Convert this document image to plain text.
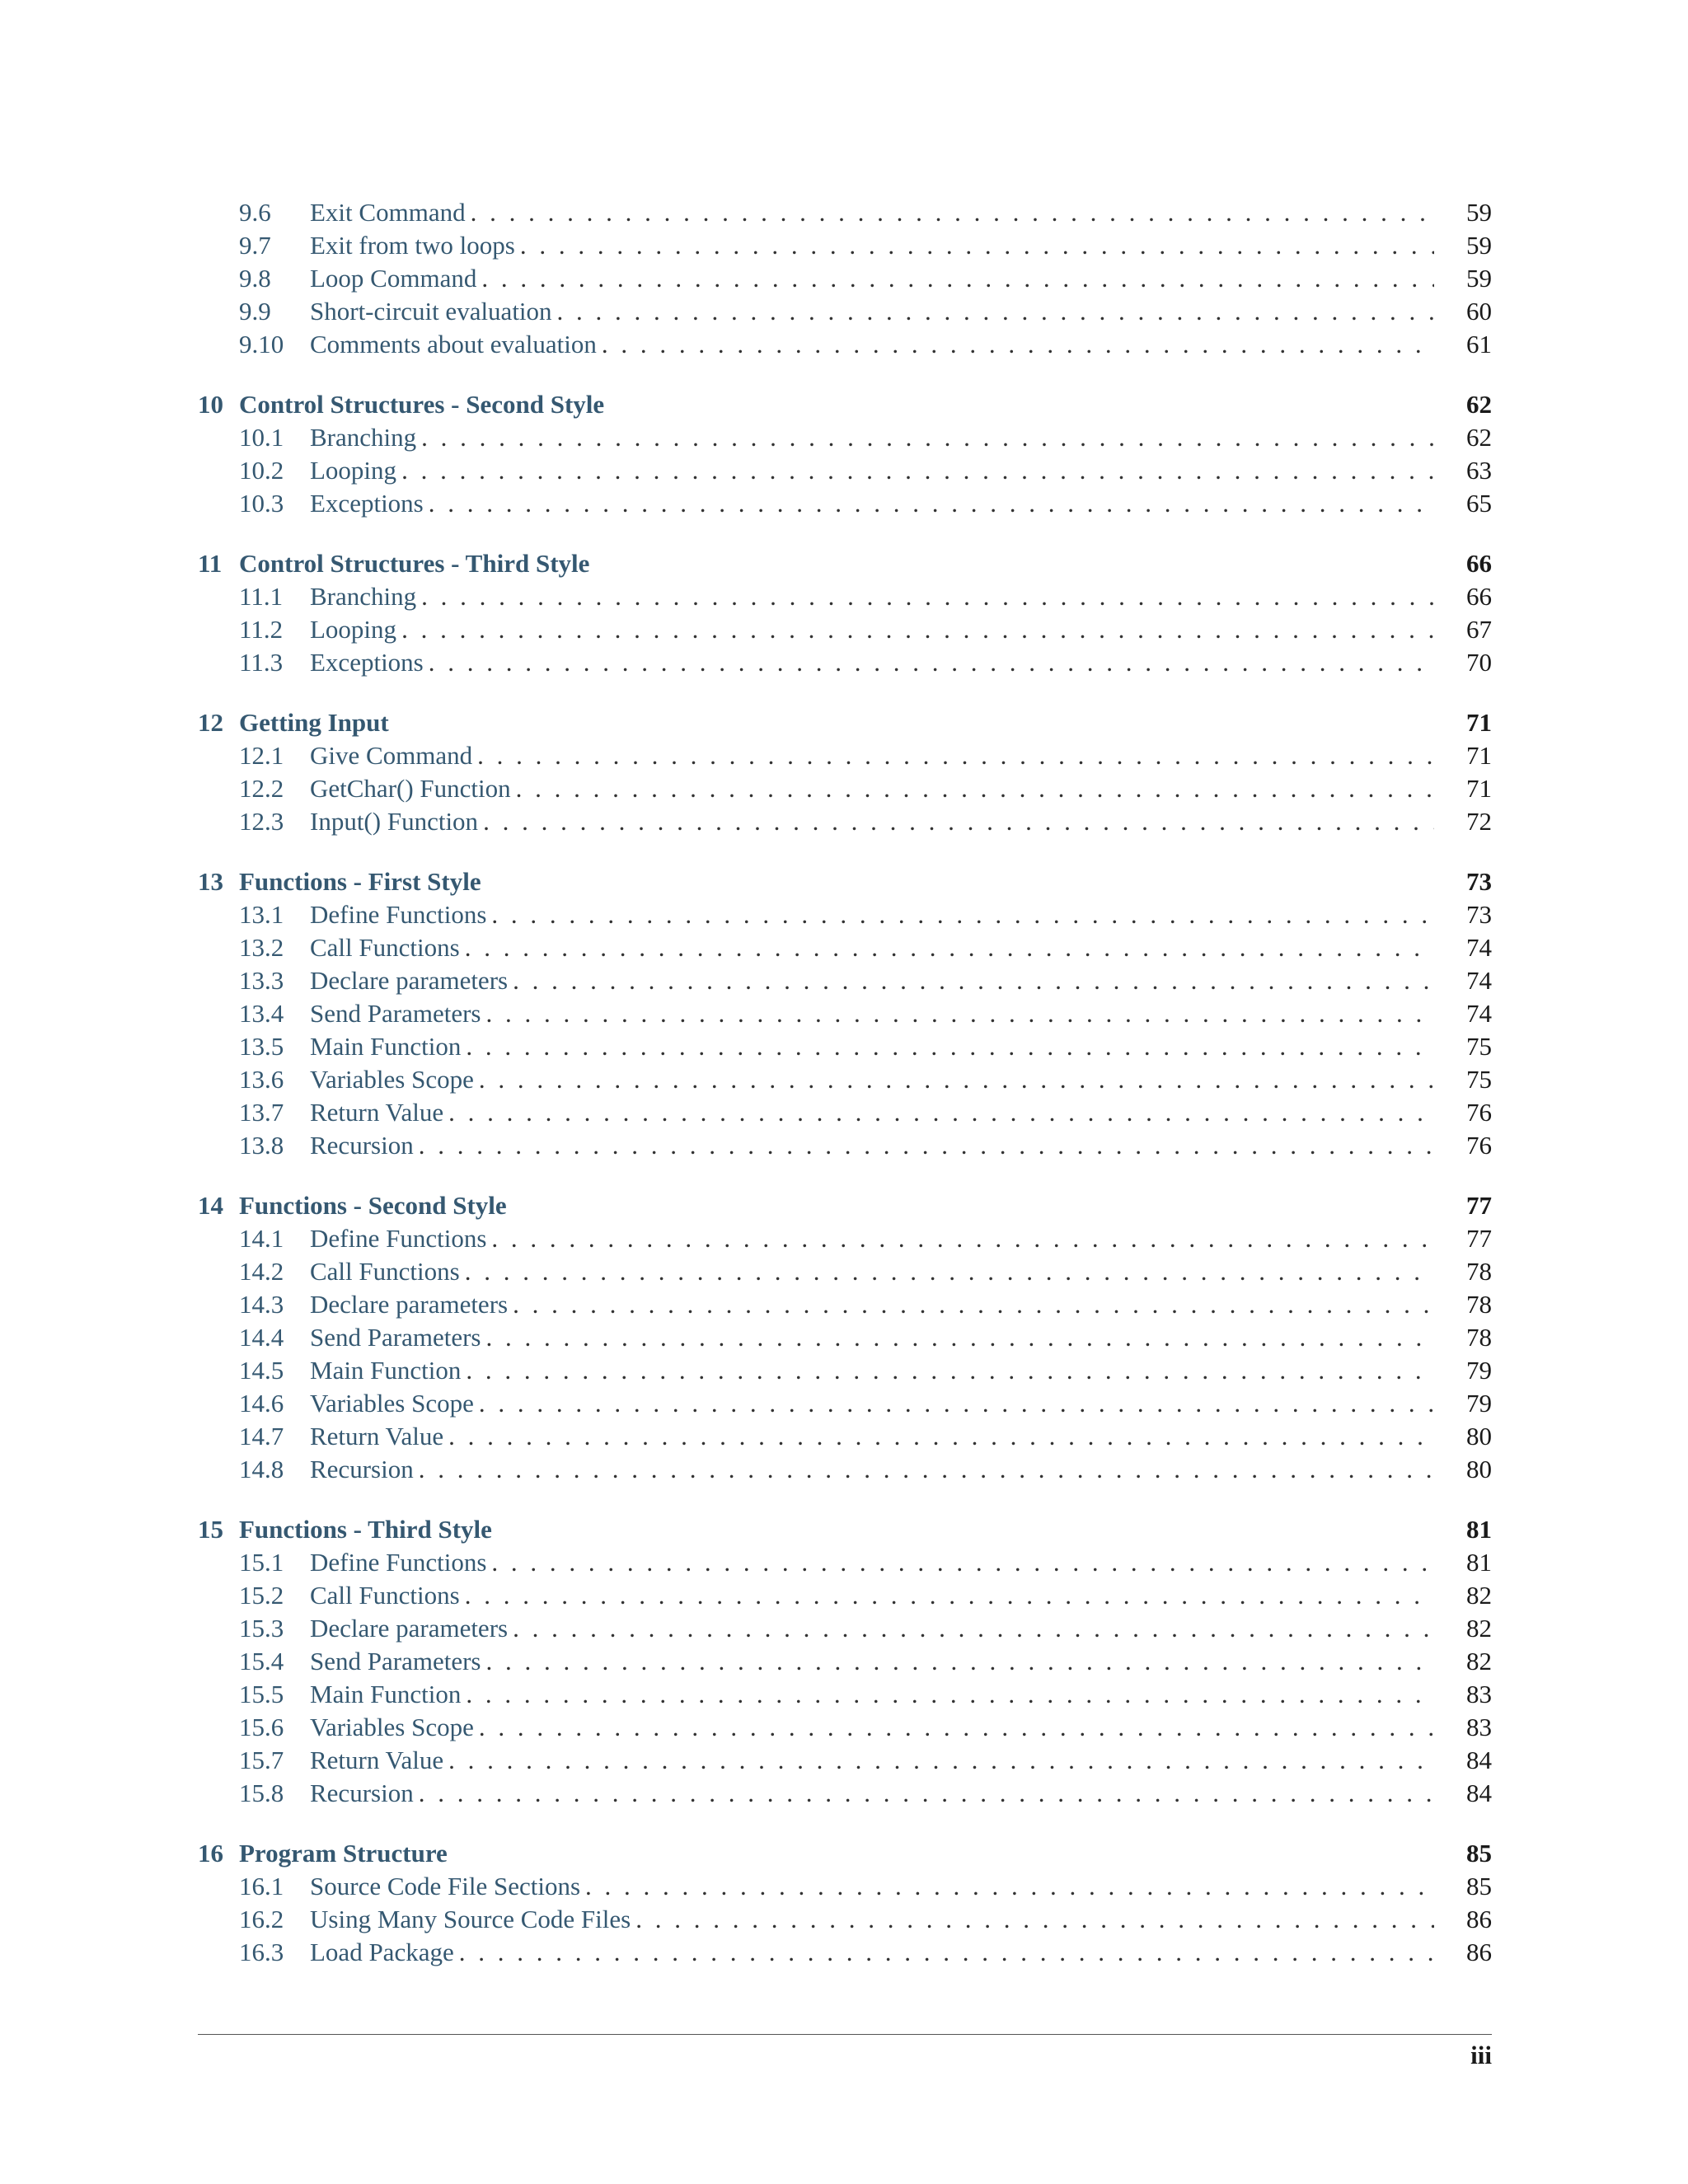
9.6	Exit Command . . .	59
9.7	Exit from two loops . . .	59
9.8	Loop Command . . .	59
9.9	Short-circuit evaluation . . .	60
9.10	Comments about evaluation . . .	61
10 Control Structures - Second Style	62
10.1	Branching . . .	62
10.2	Looping . . .	63
10.3	Exceptions . . .	65
11 Control Structures - Third Style	66
11.1	Branching . . .	66
11.2	Looping . . .	67
11.3	Exceptions . . .	70
12 Getting Input	71
12.1	Give Command . . .	71
12.2	GetChar() Function . . .	71
12.3	Input() Function . . .	72
13 Functions - First Style	73
13.1	Define Functions . . .	73
13.2	Call Functions . . .	74
13.3	Declare parameters . . .	74
13.4	Send Parameters . . .	74
13.5	Main Function . . .	75
13.6	Variables Scope . . .	75
13.7	Return Value . . .	76
13.8	Recursion . . .	76
14 Functions - Second Style	77
14.1	Define Functions . . .	77
14.2	Call Functions . . .	78
14.3	Declare parameters . . .	78
14.4	Send Parameters . . .	78
14.5	Main Function . . .	79
14.6	Variables Scope . . .	79
14.7	Return Value . . .	80
14.8	Recursion . . .	80
15 Functions - Third Style	81
15.1	Define Functions . . .	81
15.2	Call Functions . . .	82
15.3	Declare parameters . . .	82
15.4	Send Parameters . . .	82
15.5	Main Function . . .	83
15.6	Variables Scope . . .	83
15.7	Return Value . . .	84
15.8	Recursion . . .	84
16 Program Structure	85
16.1	Source Code File Sections . . .	85
16.2	Using Many Source Code Files . . .	86
16.3	Load Package . . .	86
iii
